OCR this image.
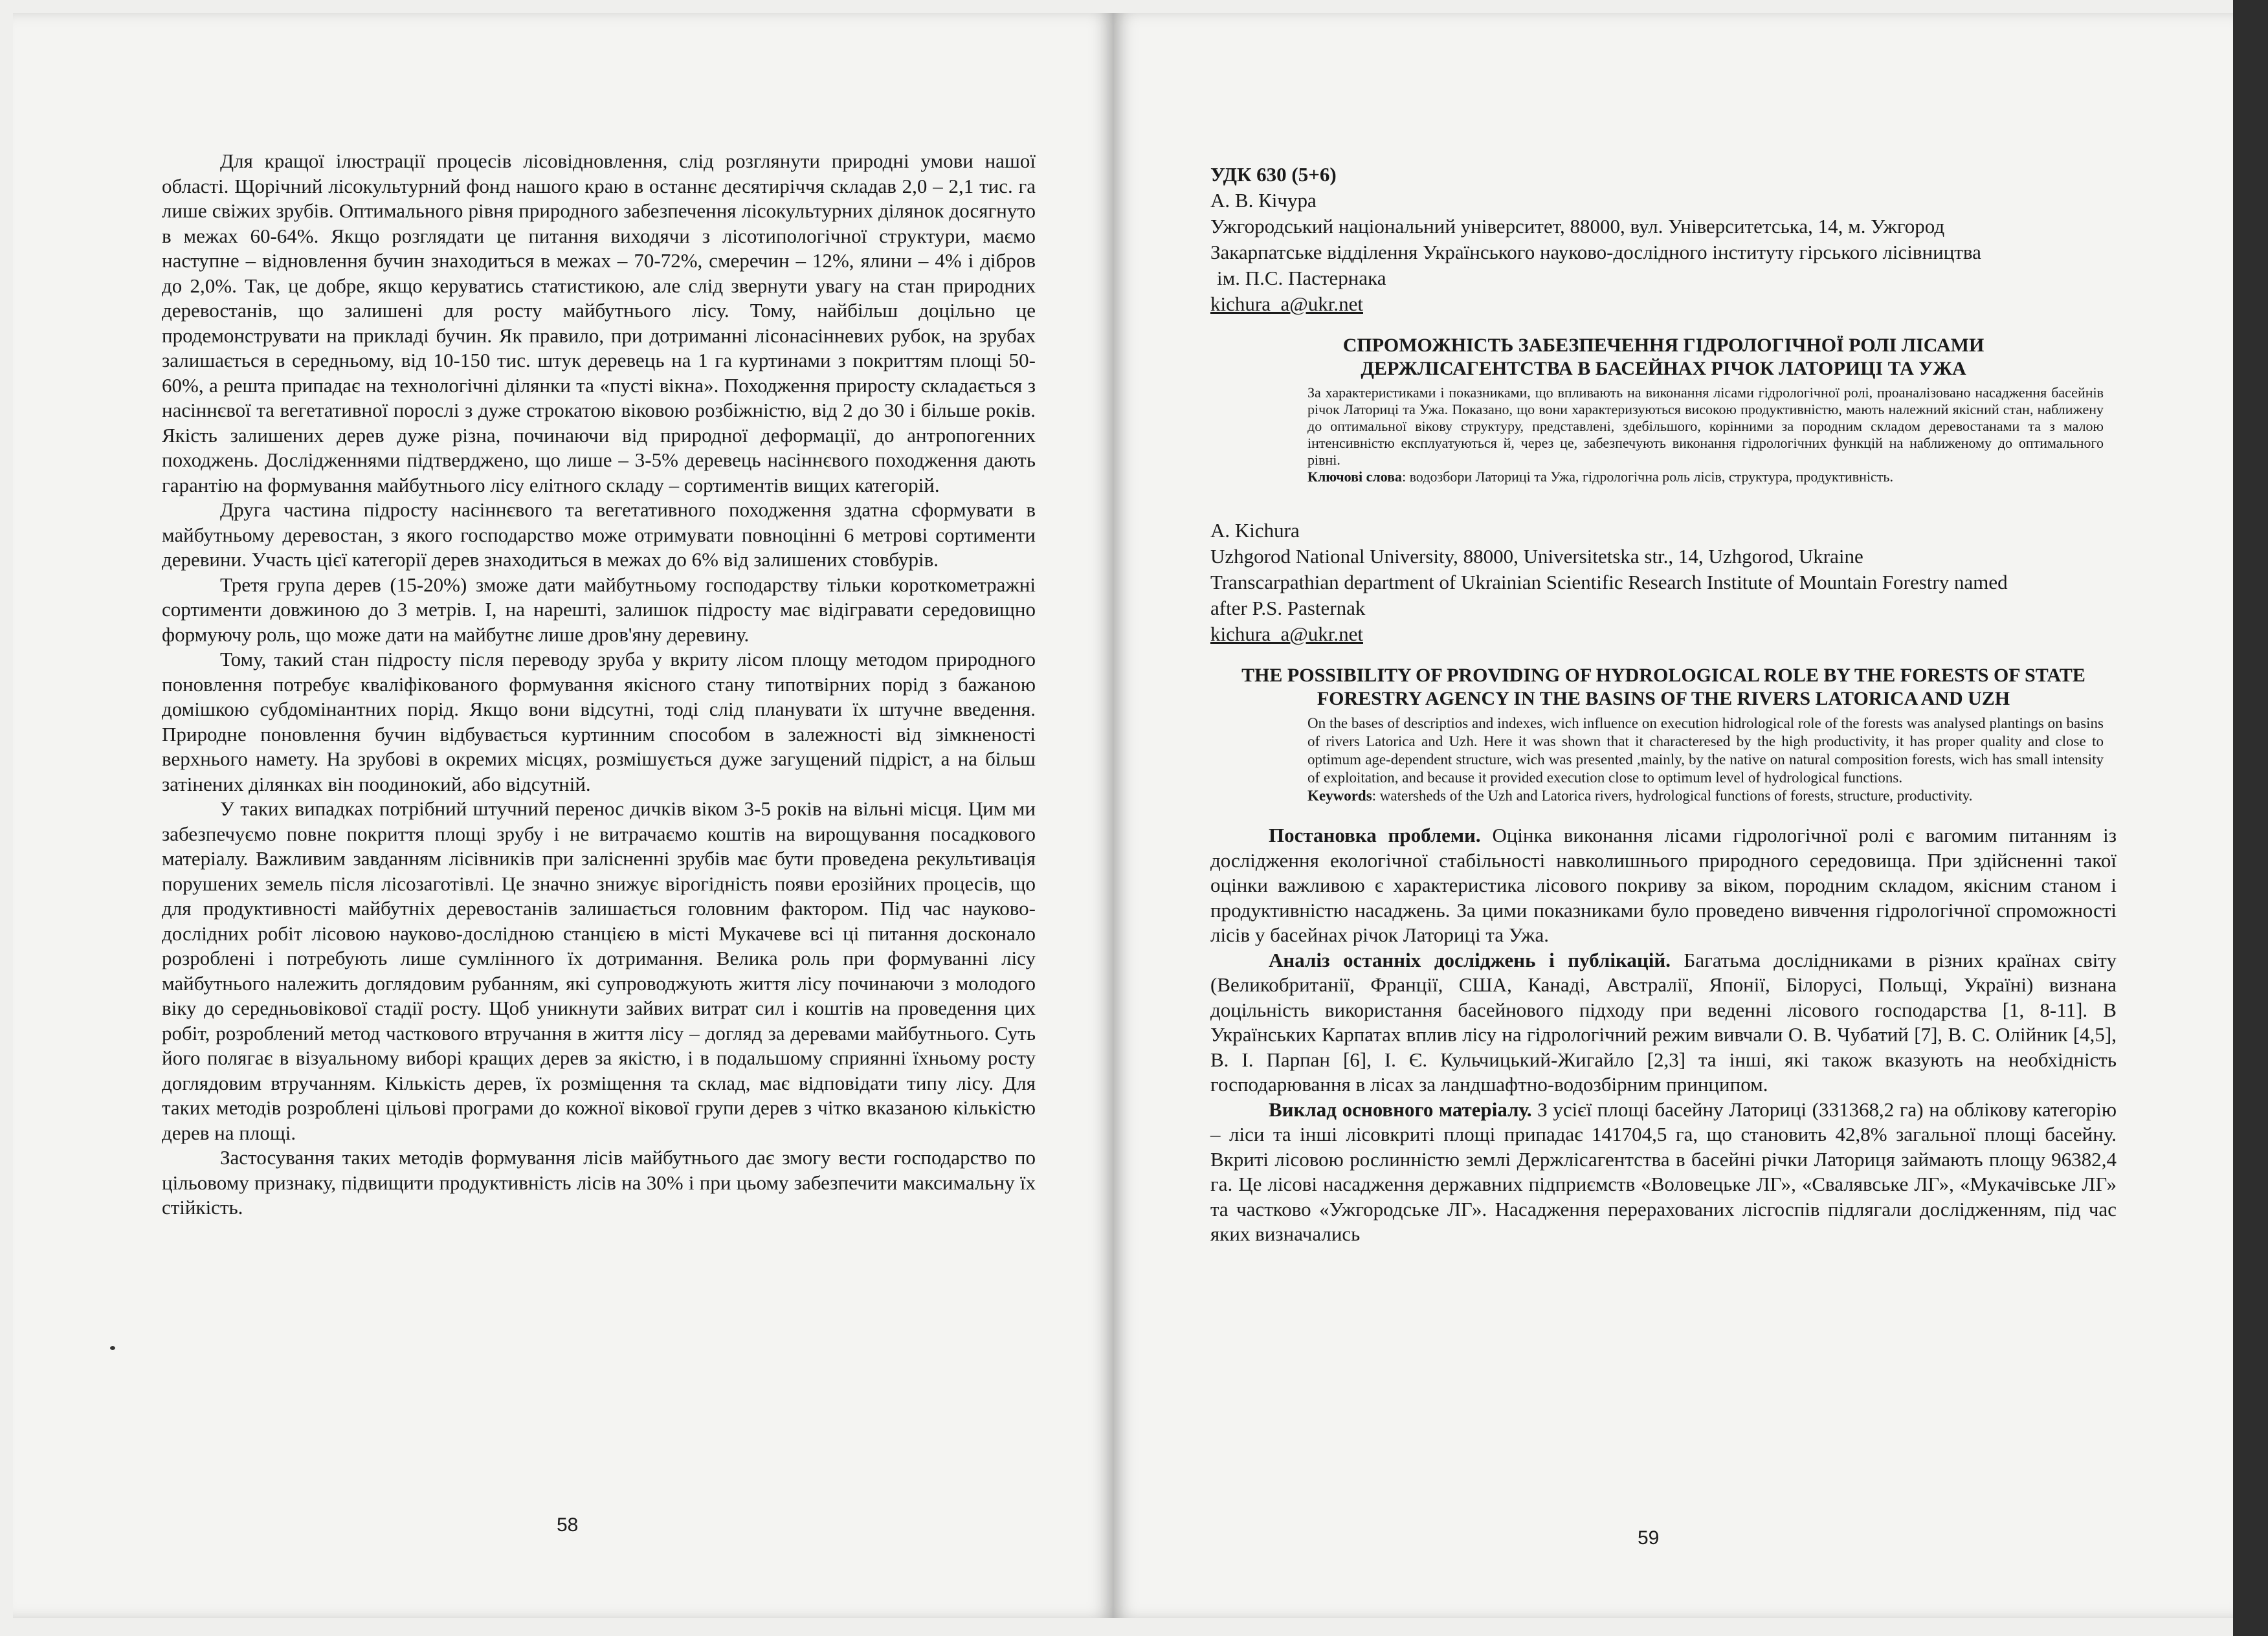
Для кращої ілюстрації процесів лісовідновлення, слід розглянути природні умови нашої області. Щорічний лісокультурний фонд нашого краю в останнє десятиріччя складав 2,0 – 2,1 тис. га лише свіжих зрубів. Оптимального рівня природного забезпечення лісокультурних ділянок досягнуто в межах 60-64%. Якщо розглядати це питання виходячи з лісотипологічної структури, маємо наступне – відновлення бучин знаходиться в межах – 70-72%, смеречин – 12%, ялини – 4% і дібров до 2,0%. Так, це добре, якщо керуватись статистикою, але слід звернути увагу на стан природних деревостанів, що залишені для росту майбутнього лісу. Тому, найбільш доцільно це продемонструвати на прикладі бучин. Як правило, при дотриманні лісонасінневих рубок, на зрубах залишається в середньому, від 10-150 тис. штук деревець на 1 га куртинами з покриттям площі 50-60%, а решта припадає на технологічні ділянки та «пусті вікна». Походження приросту складається з насіннєвої та вегетативної порослі з дуже строкатою віковою розбіжністю, від 2 до 30 і більше років. Якість залишених дерев дуже різна, починаючи від природної деформації, до антропогенних походжень. Дослідженнями підтверджено, що лише – 3-5% деревець насіннєвого походження дають гарантію на формування майбутнього лісу елітного складу – сортиментів вищих категорій.

Друга частина підросту насіннєвого та вегетативного походження здатна сформувати в майбутньому деревостан, з якого господарство може отримувати повноцінні 6 метрові сортименти деревини. Участь цієї категорії дерев знаходиться в межах до 6% від залишених стовбурів.

Третя група дерев (15-20%) зможе дати майбутньому господарству тільки короткометражні сортименти довжиною до 3 метрів. І, на нарешті, залишок підросту має відігравати середовищно формуючу роль, що може дати на майбутнє лише дров'яну деревину.

Тому, такий стан підросту після переводу зруба у вкриту лісом площу методом природного поновлення потребує кваліфікованого формування якісного стану типотвірних порід з бажаною домішкою субдомінантних порід. Якщо вони відсутні, тоді слід планувати їх штучне введення. Природне поновлення бучин відбувається куртинним способом в залежності від зімкненості верхнього намету. На зрубові в окремих місцях, розмішується дуже загущений підріст, а на більш затінених ділянках він поодинокий, або відсутній.

У таких випадках потрібний штучний перенос дичків віком 3-5 років на вільні місця. Цим ми забезпечуємо повне покриття площі зрубу і не витрачаємо коштів на вирощування посадкового матеріалу. Важливим завданням лісівників при залісненні зрубів має бути проведена рекультивація порушених земель після лісозаготівлі. Це значно знижує вірогідність появи ерозійних процесів, що для продуктивності майбутніх деревостанів залишається головним фактором. Під час науково-дослідних робіт лісовою науково-дослідною станцією в місті Мукачеве всі ці питання досконало розроблені і потребують лише сумлінного їх дотримання. Велика роль при формуванні лісу майбутнього належить доглядовим рубанням, які супроводжують життя лісу починаючи з молодого віку до середньовікової стадії росту. Щоб уникнути зайвих витрат сил і коштів на проведення цих робіт, розроблений метод часткового втручання в життя лісу – догляд за деревами майбутнього. Суть його полягає в візуальному виборі кращих дерев за якістю, і в подальшому сприянні їхньому росту доглядовим втручанням. Кількість дерев, їх розміщення та склад, має відповідати типу лісу. Для таких методів розроблені цільові програми до кожної вікової групи дерев з чітко вказаною кількістю дерев на площі.

Застосування таких методів формування лісів майбутнього дає змогу вести господарство по цільовому признаку, підвищити продуктивність лісів на 30% і при цьому забезпечити максимальну їх стійкість.

58

УДК 630 (5+6)

А. В. Кічура

Ужгородський національний університет, 88000, вул. Університетська, 14, м. Ужгород

Закарпатське відділення Українського науково-дослідного інституту гірського лісівництва

ім. П.С. Пастернака

kichura_a@ukr.net

СПРОМОЖНІСТЬ ЗАБЕЗПЕЧЕННЯ ГІДРОЛОГІЧНОЇ РОЛІ ЛІСАМИ ДЕРЖЛІСАГЕНТСТВА В БАСЕЙНАХ РІЧОК ЛАТОРИЦІ ТА УЖА

За характеристиками і показниками, що впливають на виконання лісами гідрологічної ролі, проаналізовано насадження басейнів річок Латориці та Ужа. Показано, що вони характеризуються високою продуктивністю, мають належний якісний стан, наближену до оптимальної вікову структуру, представлені, здебільшого, корінними за породним складом деревостанами та з малою інтенсивністю експлуатуються й, через це, забезпечують виконання гідрологічних функцій на наближеному до оптимального рівні.

Ключові слова: водозбори Латориці та Ужа, гідрологічна роль лісів, структура, продуктивність.

A. Kichura

Uzhgorod National University, 88000, Universitetska str., 14, Uzhgorod, Ukraine

Transcarpathian department of Ukrainian Scientific Research Institute of Mountain Forestry named

after P.S. Pasternak

kichura_a@ukr.net

THE POSSIBILITY OF PROVIDING OF HYDROLOGICAL ROLE BY THE FORESTS OF STATE FORESTRY AGENCY IN THE BASINS OF THE RIVERS LATORICA AND UZH

On the bases of descriptios and indexes, wich influence on execution hidrological role of the forests was analysed plantings on basins of rivers Latorica and Uzh. Here it was shown that it characteresed by the high productivity, it has proper quality and close to optimum age-dependent structure, wich was presented ,mainly, by the native on natural composition forests, wich has small intensity of exploitation, and because it provided execution close to optimum level of hydrological functions.

Keywords: watersheds of the Uzh and Latorica rivers, hydrological functions of forests, structure, productivity.

Постановка проблеми. Оцінка виконання лісами гідрологічної ролі є вагомим питанням із дослідження екологічної стабільності навколишнього природного середовища. При здійсненні такої оцінки важливою є характеристика лісового покриву за віком, породним складом, якісним станом і продуктивністю насаджень. За цими показниками було проведено вивчення гідрологічної спроможності лісів у басейнах річок Латориці та Ужа.

Аналіз останніх досліджень і публікацій. Багатьма дослідниками в різних країнах світу (Великобританії, Франції, США, Канаді, Австралії, Японії, Білорусі, Польщі, Україні) визнана доцільність використання басейнового підходу при веденні лісового господарства [1, 8-11]. В Українських Карпатах вплив лісу на гідрологічний режим вивчали О. В. Чубатий [7], В. С. Олійник [4,5], В. І. Парпан [6], І. Є. Кульчицький-Жигайло [2,3] та інші, які також вказують на необхідність господарювання в лісах за ландшафтно-водозбірним принципом.

Виклад основного матеріалу. З усієї площі басейну Латориці (331368,2 га) на облікову категорію – ліси та інші лісовкриті площі припадає 141704,5 га, що становить 42,8% загальної площі басейну. Вкриті лісовою рослинністю землі Держлісагентства в басейні річки Латориця займають площу 96382,4 га. Це лісові насадження державних підприємств «Воловецьке ЛГ», «Свалявське ЛГ», «Мукачівське ЛГ» та частково «Ужгородське ЛГ». Насадження перерахованих лісгоспів підлягали дослідженням, під час яких визначались

59
